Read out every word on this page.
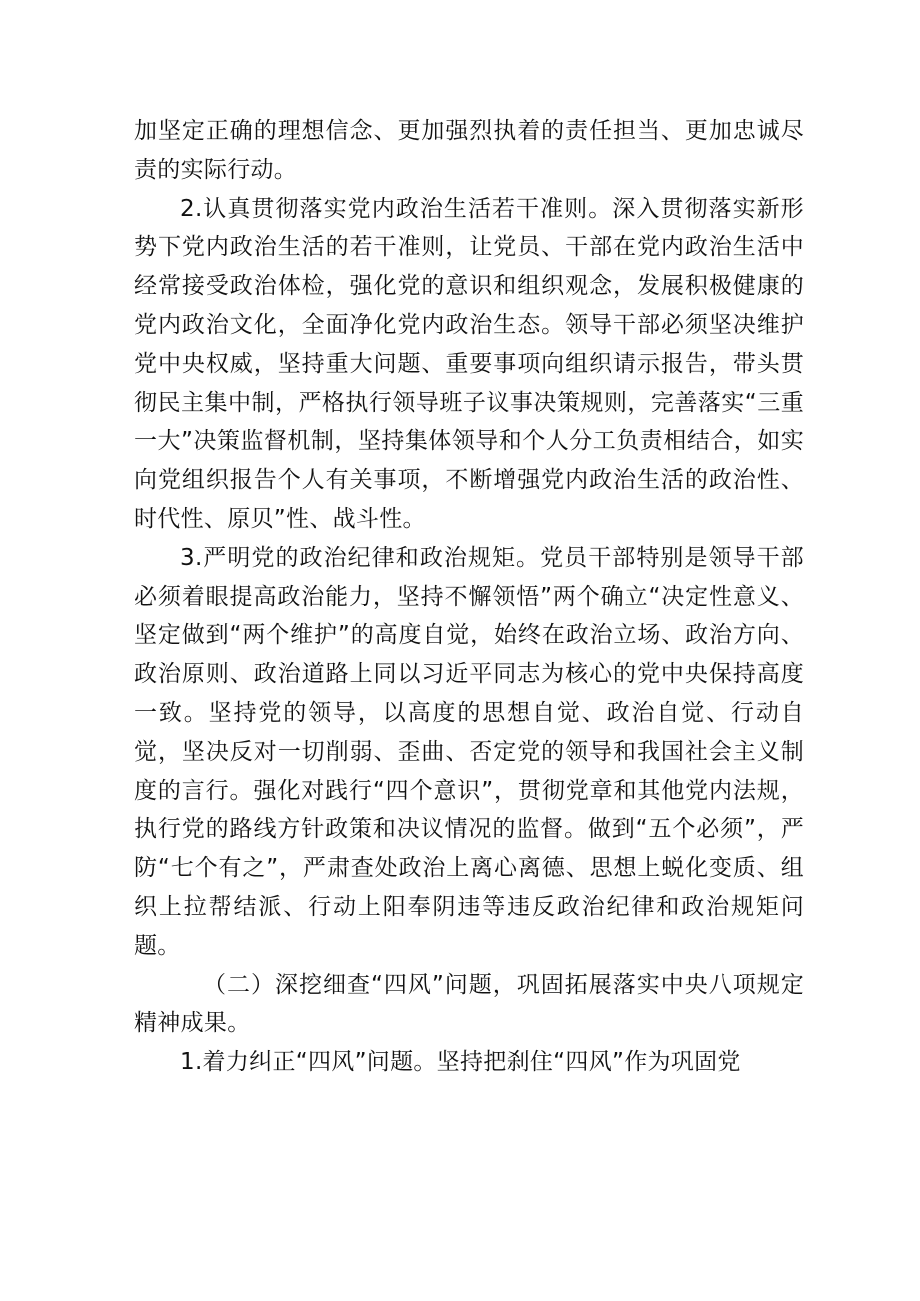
加坚定正确的理想信念、更加强烈执着的责任担当、更加忠诚尽责的实际行动。

2.认真贯彻落实党内政治生活若干准则。深入贯彻落实新形势下党内政治生活的若干准则，让党员、干部在党内政治生活中经常接受政治体检，强化党的意识和组织观念，发展积极健康的党内政治文化，全面净化党内政治生态。领导干部必须坚决维护党中央权威，坚持重大问题、重要事项向组织请示报告，带头贯彻民主集中制，严格执行领导班子议事决策规则，完善落实“三重一大”决策监督机制，坚持集体领导和个人分工负责相结合，如实向党组织报告个人有关事项，不断增强党内政治生活的政治性、时代性、原贝”性、战斗性。

3.严明党的政治纪律和政治规矩。党员干部特别是领导干部必须着眼提高政治能力，坚持不懈领悟”两个确立“决定性意义、坚定做到“两个维护”的高度自觉，始终在政治立场、政治方向、政治原则、政治道路上同以习近平同志为核心的党中央保持高度一致。坚持党的领导，以高度的思想自觉、政治自觉、行动自觉，坚决反对一切削弱、歪曲、否定党的领导和我国社会主义制度的言行。强化对践行“四个意识”，贯彻党章和其他党内法规，执行党的路线方针政策和决议情况的监督。做到“五个必须”，严防“七个有之”，严肃查处政治上离心离德、思想上蜕化变质、组织上拉帮结派、行动上阳奉阴违等违反政治纪律和政治规矩问题。

（二）深挖细查“四风”问题，巩固拓展落实中央八项规定精神成果。

1.着力纠正“四风”问题。坚持把刹住“四风”作为巩固党
